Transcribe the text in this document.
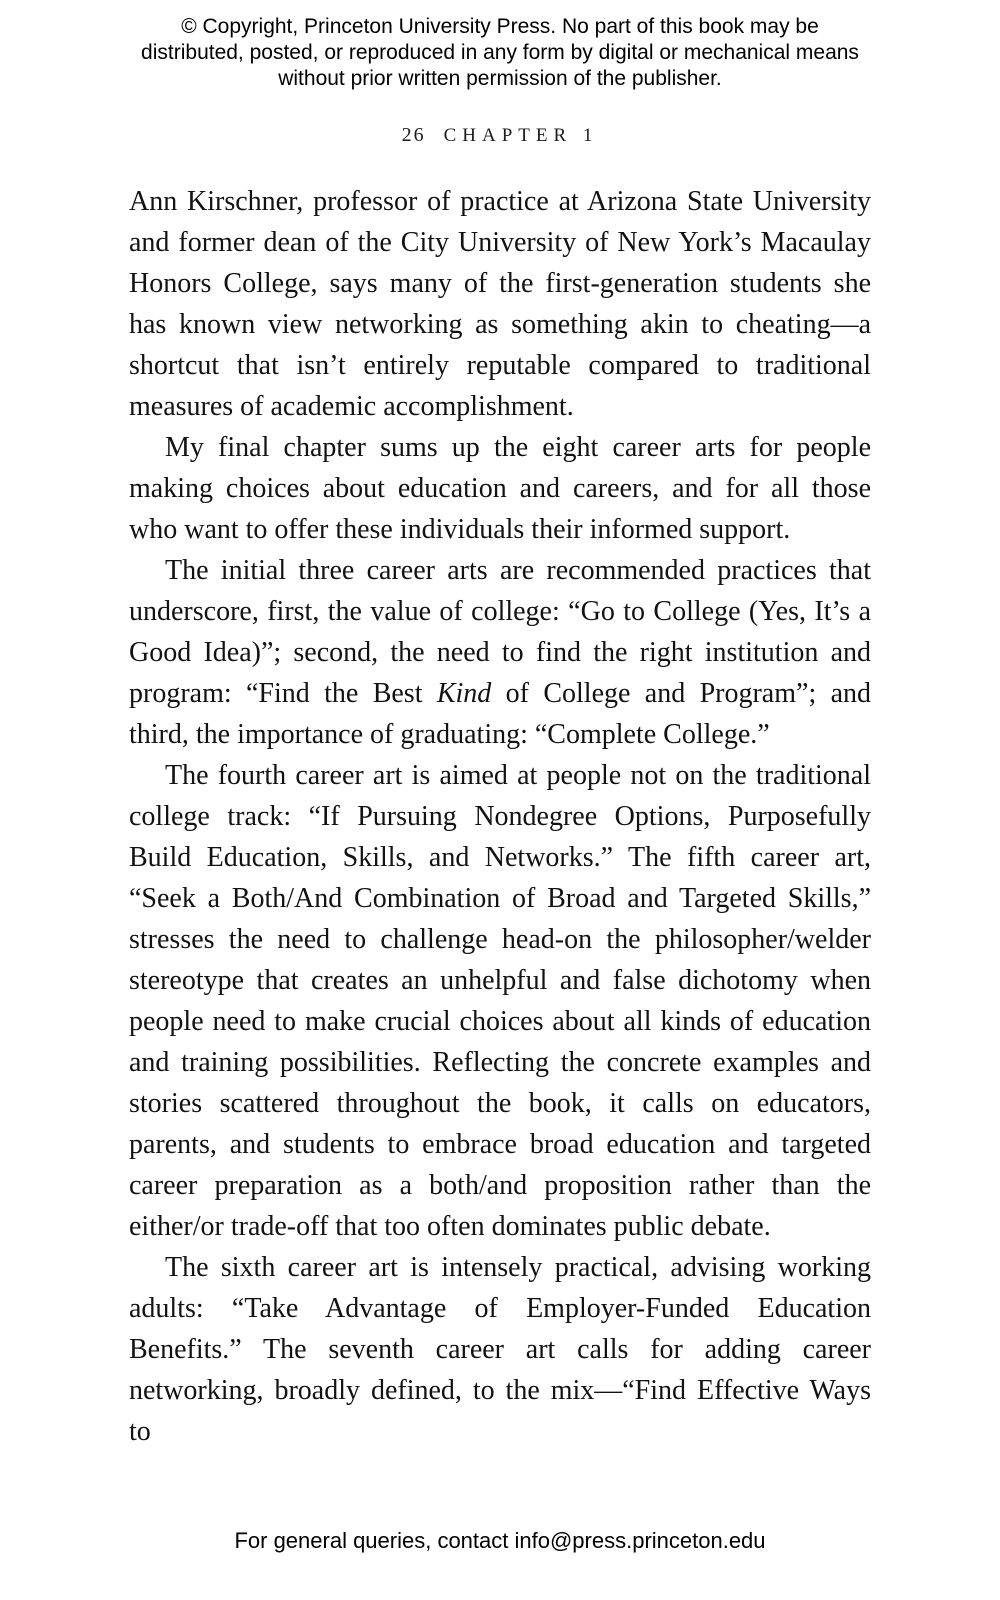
© Copyright, Princeton University Press. No part of this book may be distributed, posted, or reproduced in any form by digital or mechanical means without prior written permission of the publisher.
26 CHAPTER 1

Ann Kirschner, professor of practice at Arizona State University and former dean of the City University of New York’s Macaulay Honors College, says many of the first-generation students she has known view networking as something akin to cheating—a shortcut that isn’t entirely reputable compared to traditional measures of academic accomplishment.

My final chapter sums up the eight career arts for people making choices about education and careers, and for all those who want to offer these individuals their informed support.

The initial three career arts are recommended practices that underscore, first, the value of college: “Go to College (Yes, It’s a Good Idea)”; second, the need to find the right institution and program: “Find the Best Kind of College and Program”; and third, the importance of graduating: “Complete College.”

The fourth career art is aimed at people not on the traditional college track: “If Pursuing Nondegree Options, Purposefully Build Education, Skills, and Networks.” The fifth career art, “Seek a Both/And Combination of Broad and Targeted Skills,” stresses the need to challenge head-on the philosopher/welder stereotype that creates an unhelpful and false dichotomy when people need to make crucial choices about all kinds of education and training possibilities. Reflecting the concrete examples and stories scattered throughout the book, it calls on educators, parents, and students to embrace broad education and targeted career preparation as a both/and proposition rather than the either/or trade-off that too often dominates public debate.

The sixth career art is intensely practical, advising working adults: “Take Advantage of Employer-Funded Education Benefits.” The seventh career art calls for adding career networking, broadly defined, to the mix—“Find Effective Ways to

For general queries, contact info@press.princeton.edu
